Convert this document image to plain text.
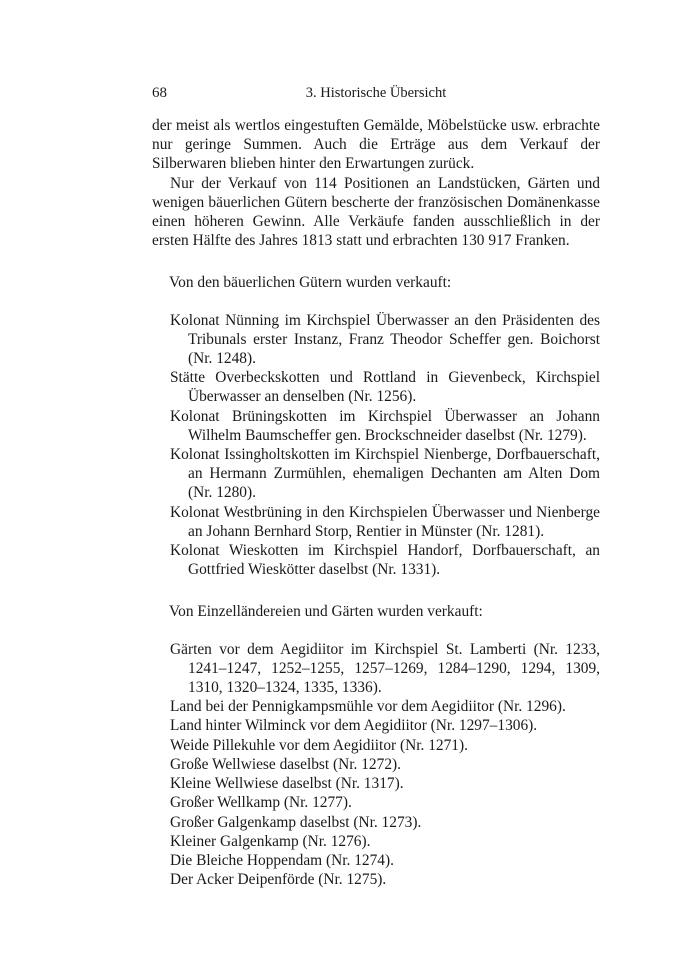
68	3. Historische Übersicht

der meist als wertlos eingestuften Gemälde, Möbelstücke usw. erbrachte nur geringe Summen. Auch die Erträge aus dem Verkauf der Silberwaren blieben hinter den Erwartungen zurück.

Nur der Verkauf von 114 Positionen an Landstücken, Gärten und wenigen bäuerlichen Gütern bescherte der französischen Domänenkasse einen höheren Gewinn. Alle Verkäufe fanden ausschließlich in der ersten Hälfte des Jahres 1813 statt und erbrachten 130 917 Franken.

Von den bäuerlichen Gütern wurden verkauft:

Kolonat Nünning im Kirchspiel Überwasser an den Präsidenten des Tribunals erster Instanz, Franz Theodor Scheffer gen. Boichorst (Nr. 1248).
Stätte Overbeckskotten und Rottland in Gievenbeck, Kirchspiel Überwasser an denselben (Nr. 1256).
Kolonat Brüningskotten im Kirchspiel Überwasser an Johann Wilhelm Baumscheffer gen. Brockschneider daselbst (Nr. 1279).
Kolonat Issingholtskotten im Kirchspiel Nienberge, Dorfbauerschaft, an Hermann Zurmühlen, ehemaligen Dechanten am Alten Dom (Nr. 1280).
Kolonat Westbrüning in den Kirchspielen Überwasser und Nienberge an Johann Bernhard Storp, Rentier in Münster (Nr. 1281).
Kolonat Wieskotten im Kirchspiel Handorf, Dorfbauerschaft, an Gottfried Wieskötter daselbst (Nr. 1331).

Von Einzelländereien und Gärten wurden verkauft:

Gärten vor dem Aegidiitor im Kirchspiel St. Lamberti (Nr. 1233, 1241–1247, 1252–1255, 1257–1269, 1284–1290, 1294, 1309, 1310, 1320–1324, 1335, 1336).
Land bei der Pennigkampsmühle vor dem Aegidiitor (Nr. 1296).
Land hinter Wilminck vor dem Aegidiitor (Nr. 1297–1306).
Weide Pillekuhle vor dem Aegidiitor (Nr. 1271).
Große Wellwiese daselbst (Nr. 1272).
Kleine Wellwiese daselbst (Nr. 1317).
Großer Wellkamp (Nr. 1277).
Großer Galgenkamp daselbst (Nr. 1273).
Kleiner Galgenkamp (Nr. 1276).
Die Bleiche Hoppendam (Nr. 1274).
Der Acker Deipenförde (Nr. 1275).
